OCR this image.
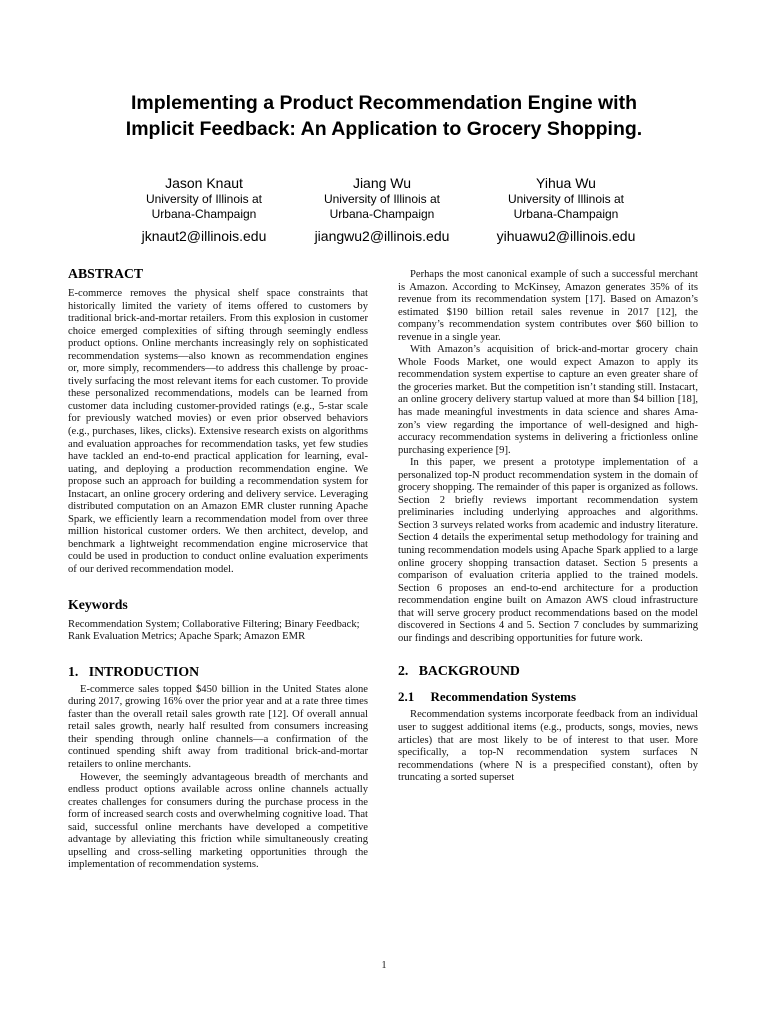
Implementing a Product Recommendation Engine with
Implicit Feedback: An Application to Grocery Shopping.
Jason Knaut
University of Illinois at
Urbana-Champaign
jknaut2@illinois.edu
Jiang Wu
University of Illinois at
Urbana-Champaign
jiangwu2@illinois.edu
Yihua Wu
University of Illinois at
Urbana-Champaign
yihuawu2@illinois.edu
ABSTRACT

E-commerce removes the physical shelf space constraints that historically limited the variety of items offered to customers by traditional brick-and-mortar retailers. From this explosion in customer choice emerged complexities of sifting through seemingly endless product options. Online merchants increasingly rely on sophisticated recommendation systems—also known as recommendation engines or, more simply, recommenders—to address this challenge by proactively surfacing the most relevant items for each customer. To provide these personalized recommendations, models can be learned from customer data including customer-provided ratings (e.g., 5-star scale for previously watched movies) or even prior observed behaviors (e.g., purchases, likes, clicks). Extensive research exists on algorithms and evaluation approaches for recommendation tasks, yet few studies have tackled an end-to-end practical application for learning, evaluating, and deploying a production recommendation engine. We propose such an approach for building a recommendation system for Instacart, an online grocery ordering and delivery service. Leveraging distributed computation on an Amazon EMR cluster running Apache Spark, we efficiently learn a recommendation model from over three million historical customer orders. We then architect, develop, and benchmark a lightweight recommendation engine microservice that could be used in production to conduct online evaluation experiments of our derived recommendation model.

Keywords

Recommendation System; Collaborative Filtering; Binary Feedback; Rank Evaluation Metrics; Apache Spark; Amazon EMR

1.   INTRODUCTION

E-commerce sales topped $450 billion in the United States alone during 2017, growing 16% over the prior year and at a rate three times faster than the overall retail sales growth rate [12]. Of overall annual retail sales growth, nearly half resulted from consumers increasing their spending through online channels—a confirmation of the continued spending shift away from traditional brick-and-mortar retailers to online merchants.

However, the seemingly advantageous breadth of merchants and endless product options available across online channels actually creates challenges for consumers during the purchase process in the form of increased search costs and overwhelming cognitive load. That said, successful online merchants have developed a competitive advantage by alleviating this friction while simultaneously creating upselling and cross-selling marketing opportunities through the implementation of recommendation systems.

Perhaps the most canonical example of such a successful merchant is Amazon. According to McKinsey, Amazon generates 35% of its revenue from its recommendation system [17]. Based on Amazon’s estimated $190 billion retail sales revenue in 2017 [12], the company’s recommendation system contributes over $60 billion to revenue in a single year.

With Amazon’s acquisition of brick-and-mortar grocery chain Whole Foods Market, one would expect Amazon to apply its recommendation system expertise to capture an even greater share of the groceries market. But the competition isn’t standing still. Instacart, an online grocery delivery startup valued at more than $4 billion [18], has made meaningful investments in data science and shares Amazon’s view regarding the importance of well-designed and high-accuracy recommendation systems in delivering a frictionless online purchasing experience [9].

In this paper, we present a prototype implementation of a personalized top-N product recommendation system in the domain of grocery shopping. The remainder of this paper is organized as follows. Section 2 briefly reviews important recommendation system preliminaries including underlying approaches and algorithms. Section 3 surveys related works from academic and industry literature. Section 4 details the experimental setup methodology for training and tuning recommendation models using Apache Spark applied to a large online grocery shopping transaction dataset. Section 5 presents a comparison of evaluation criteria applied to the trained models. Section 6 proposes an end-to-end architecture for a production recommendation engine built on Amazon AWS cloud infrastructure that will serve grocery product recommendations based on the model discovered in Sections 4 and 5. Section 7 concludes by summarizing our findings and describing opportunities for future work.

2.   BACKGROUND
2.1     Recommendation Systems

Recommendation systems incorporate feedback from an individual user to suggest additional items (e.g., products, songs, movies, news articles) that are most likely to be of interest to that user. More specifically, a top-N recommendation system surfaces N recommendations (where N is a prespecified constant), often by truncating a sorted superset

1
